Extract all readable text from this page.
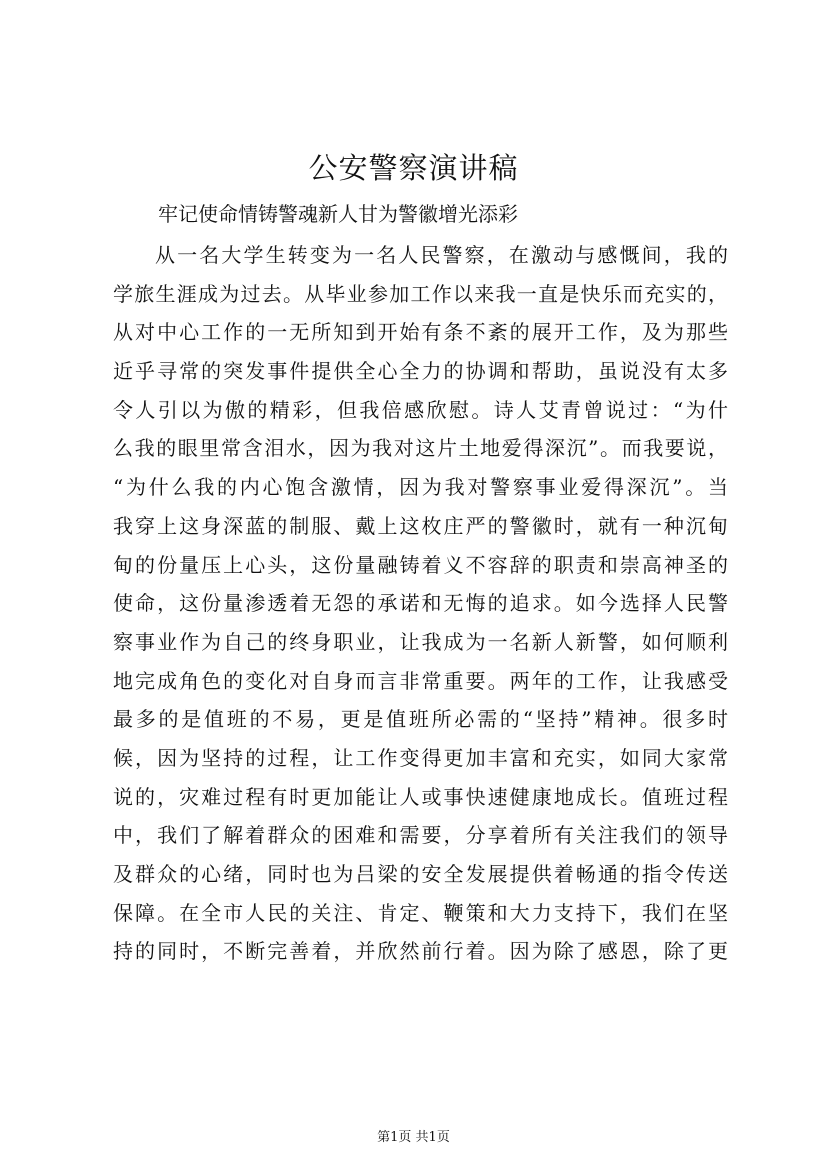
公安警察演讲稿
牢记使命情铸警魂新人甘为警徽增光添彩
从一名大学生转变为一名人民警察，在激动与感慨间，我的
学旅生涯成为过去。从毕业参加工作以来我一直是快乐而充实的，
从对中心工作的一无所知到开始有条不紊的展开工作，及为那些
近乎寻常的突发事件提供全心全力的协调和帮助，虽说没有太多
令人引以为傲的精彩，但我倍感欣慰。诗人艾青曾说过：“为什
么我的眼里常含泪水，因为我对这片土地爱得深沉”。而我要说，
“为什么我的内心饱含激情，因为我对警察事业爱得深沉”。当
我穿上这身深蓝的制服、戴上这枚庄严的警徽时，就有一种沉甸
甸的份量压上心头，这份量融铸着义不容辞的职责和崇高神圣的
使命，这份量渗透着无怨的承诺和无悔的追求。如今选择人民警
察事业作为自己的终身职业，让我成为一名新人新警，如何顺利
地完成角色的变化对自身而言非常重要。两年的工作，让我感受
最多的是值班的不易，更是值班所必需的“坚持”精神。很多时
候，因为坚持的过程，让工作变得更加丰富和充实，如同大家常
说的，灾难过程有时更加能让人或事快速健康地成长。值班过程
中，我们了解着群众的困难和需要，分享着所有关注我们的领导
及群众的心绪，同时也为吕梁的安全发展提供着畅通的指令传送
保障。在全市人民的关注、肯定、鞭策和大力支持下，我们在坚
持的同时，不断完善着，并欣然前行着。因为除了感恩，除了更
第1页 共1页
